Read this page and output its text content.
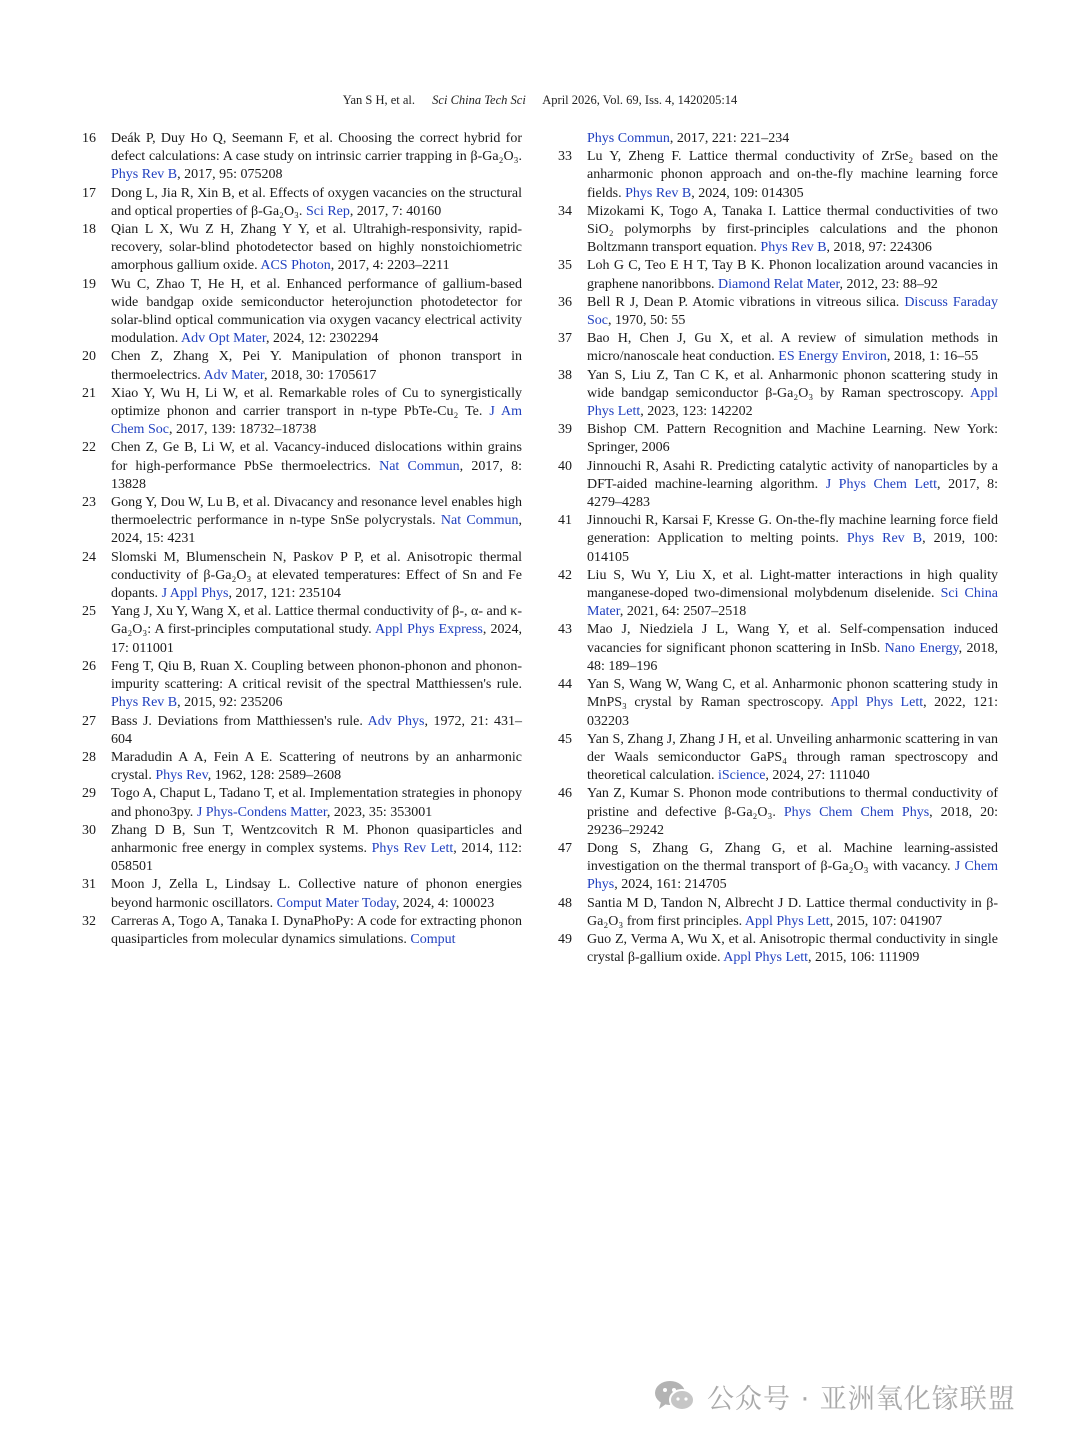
Yan S H, et al. Sci China Tech Sci April 2026, Vol. 69, Iss. 4, 1420205:14

16	Deák P, Duy Ho Q, Seemann F, et al. Choosing the correct hybrid for defect calculations: A case study on intrinsic carrier trapping in β-Ga₂O₃. Phys Rev B, 2017, 95: 075208

17	Dong L, Jia R, Xin B, et al. Effects of oxygen vacancies on the structural and optical properties of β-Ga₂O₃. Sci Rep, 2017, 7: 40160

18	Qian L X, Wu Z H, Zhang Y Y, et al. Ultrahigh-responsivity, rapid-recovery, solar-blind photodetector based on highly nonstoichiometric amorphous gallium oxide. ACS Photon, 2017, 4: 2203–2211

19	Wu C, Zhao T, He H, et al. Enhanced performance of gallium-based wide bandgap oxide semiconductor heterojunction photodetector for solar-blind optical communication via oxygen vacancy electrical activity modulation. Adv Opt Mater, 2024, 12: 2302294

20	Chen Z, Zhang X, Pei Y. Manipulation of phonon transport in thermoelectrics. Adv Mater, 2018, 30: 1705617

21	Xiao Y, Wu H, Li W, et al. Remarkable roles of Cu to synergistically optimize phonon and carrier transport in n-type PbTe-Cu₂ Te. J Am Chem Soc, 2017, 139: 18732–18738

22	Chen Z, Ge B, Li W, et al. Vacancy-induced dislocations within grains for high-performance PbSe thermoelectrics. Nat Commun, 2017, 8: 13828

23	Gong Y, Dou W, Lu B, et al. Divacancy and resonance level enables high thermoelectric performance in n-type SnSe polycrystals. Nat Commun, 2024, 15: 4231

24	Slomski M, Blumenschein N, Paskov P P, et al. Anisotropic thermal conductivity of β-Ga₂O₃ at elevated temperatures: Effect of Sn and Fe dopants. J Appl Phys, 2017, 121: 235104

25	Yang J, Xu Y, Wang X, et al. Lattice thermal conductivity of β-, α- and κ-Ga₂O₃: A first-principles computational study. Appl Phys Express, 2024, 17: 011001

26	Feng T, Qiu B, Ruan X. Coupling between phonon-phonon and phonon-impurity scattering: A critical revisit of the spectral Matthiessen's rule. Phys Rev B, 2015, 92: 235206

27	Bass J. Deviations from Matthiessen's rule. Adv Phys, 1972, 21: 431–604

28	Maradudin A A, Fein A E. Scattering of neutrons by an anharmonic crystal. Phys Rev, 1962, 128: 2589–2608

29	Togo A, Chaput L, Tadano T, et al. Implementation strategies in phonopy and phono3py. J Phys-Condens Matter, 2023, 35: 353001

30	Zhang D B, Sun T, Wentzcovitch R M. Phonon quasiparticles and anharmonic free energy in complex systems. Phys Rev Lett, 2014, 112: 058501

31	Moon J, Zella L, Lindsay L. Collective nature of phonon energies beyond harmonic oscillators. Comput Mater Today, 2024, 4: 100023

32	Carreras A, Togo A, Tanaka I. DynaPhoPy: A code for extracting phonon quasiparticles from molecular dynamics simulations. Comput

Phys Commun, 2017, 221: 221–234

33	Lu Y, Zheng F. Lattice thermal conductivity of ZrSe₂ based on the anharmonic phonon approach and on-the-fly machine learning force fields. Phys Rev B, 2024, 109: 014305

34	Mizokami K, Togo A, Tanaka I. Lattice thermal conductivities of two SiO₂ polymorphs by first-principles calculations and the phonon Boltzmann transport equation. Phys Rev B, 2018, 97: 224306

35	Loh G C, Teo E H T, Tay B K. Phonon localization around vacancies in graphene nanoribbons. Diamond Relat Mater, 2012, 23: 88–92

36	Bell R J, Dean P. Atomic vibrations in vitreous silica. Discuss Faraday Soc, 1970, 50: 55

37	Bao H, Chen J, Gu X, et al. A review of simulation methods in micro/nanoscale heat conduction. ES Energy Environ, 2018, 1: 16–55

38	Yan S, Liu Z, Tan C K, et al. Anharmonic phonon scattering study in wide bandgap semiconductor β-Ga₂O₃ by Raman spectroscopy. Appl Phys Lett, 2023, 123: 142202

39	Bishop CM. Pattern Recognition and Machine Learning. New York: Springer, 2006

40	Jinnouchi R, Asahi R. Predicting catalytic activity of nanoparticles by a DFT-aided machine-learning algorithm. J Phys Chem Lett, 2017, 8: 4279–4283

41	Jinnouchi R, Karsai F, Kresse G. On-the-fly machine learning force field generation: Application to melting points. Phys Rev B, 2019, 100: 014105

42	Liu S, Wu Y, Liu X, et al. Light-matter interactions in high quality manganese-doped two-dimensional molybdenum diselenide. Sci China Mater, 2021, 64: 2507–2518

43	Mao J, Niedziela J L, Wang Y, et al. Self-compensation induced vacancies for significant phonon scattering in InSb. Nano Energy, 2018, 48: 189–196

44	Yan S, Wang W, Wang C, et al. Anharmonic phonon scattering study in MnPS₃ crystal by Raman spectroscopy. Appl Phys Lett, 2022, 121: 032203

45	Yan S, Zhang J, Zhang J H, et al. Unveiling anharmonic scattering in van der Waals semiconductor GaPS₄ through raman spectroscopy and theoretical calculation. iScience, 2024, 27: 111040

46	Yan Z, Kumar S. Phonon mode contributions to thermal conductivity of pristine and defective β-Ga₂O₃. Phys Chem Chem Phys, 2018, 20: 29236–29242

47	Dong S, Zhang G, Zhang G, et al. Machine learning-assisted investigation on the thermal transport of β-Ga₂O₃ with vacancy. J Chem Phys, 2024, 161: 214705

48	Santia M D, Tandon N, Albrecht J D. Lattice thermal conductivity in β-Ga₂O₃ from first principles. Appl Phys Lett, 2015, 107: 041907

49	Guo Z, Verma A, Wu X, et al. Anisotropic thermal conductivity in single crystal β-gallium oxide. Appl Phys Lett, 2015, 106: 111909

公众号 · 亚洲氧化镓联盟
